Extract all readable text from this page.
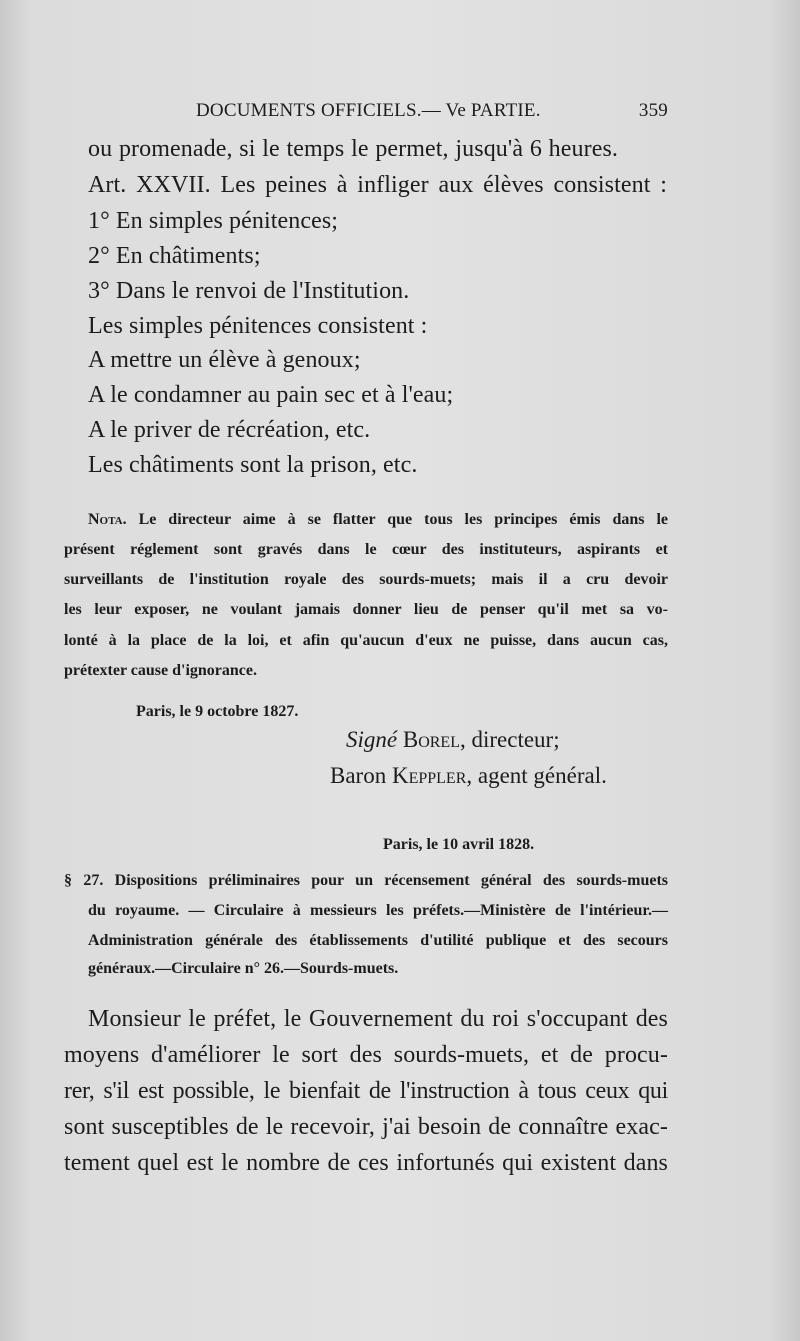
DOCUMENTS OFFICIELS.— Ve PARTIE.	359
ou promenade, si le temps le permet, jusqu'à 6 heures.
Art. XXVII. Les peines à infliger aux élèves consistent :
1° En simples pénitences;
2° En châtiments;
3° Dans le renvoi de l'Institution.
Les simples pénitences consistent :
A mettre un élève à genoux;
A le condamner au pain sec et à l'eau;
A le priver de récréation, etc.
Les châtiments sont la prison, etc.
Nota. Le directeur aime à se flatter que tous les principes émis dans le
présent réglement sont gravés dans le cœur des instituteurs, aspirants et
surveillants de l'institution royale des sourds-muets; mais il a cru devoir
les leur exposer, ne voulant jamais donner lieu de penser qu'il met sa vo-
lonté à la place de la loi, et afin qu'aucun d'eux ne puisse, dans aucun cas,
prétexter cause d'ignorance.
Paris, le 9 octobre 1827.
Signé Borel, directeur;
Baron Keppler, agent général.
Paris, le 10 avril 1828.
§ 27. Dispositions préliminaires pour un récensement général des sourds-muets
du royaume. — Circulaire à messieurs les préfets.—Ministère de l'intérieur.—
Administration générale des établissements d'utilité publique et des secours
généraux.—Circulaire n° 26.—Sourds-muets.
Monsieur le préfet, le Gouvernement du roi s'occupant des
moyens d'améliorer le sort des sourds-muets, et de procu-
rer, s'il est possible, le bienfait de l'instruction à tous ceux qui
sont susceptibles de le recevoir, j'ai besoin de connaître exac-
tement quel est le nombre de ces infortunés qui existent dans
